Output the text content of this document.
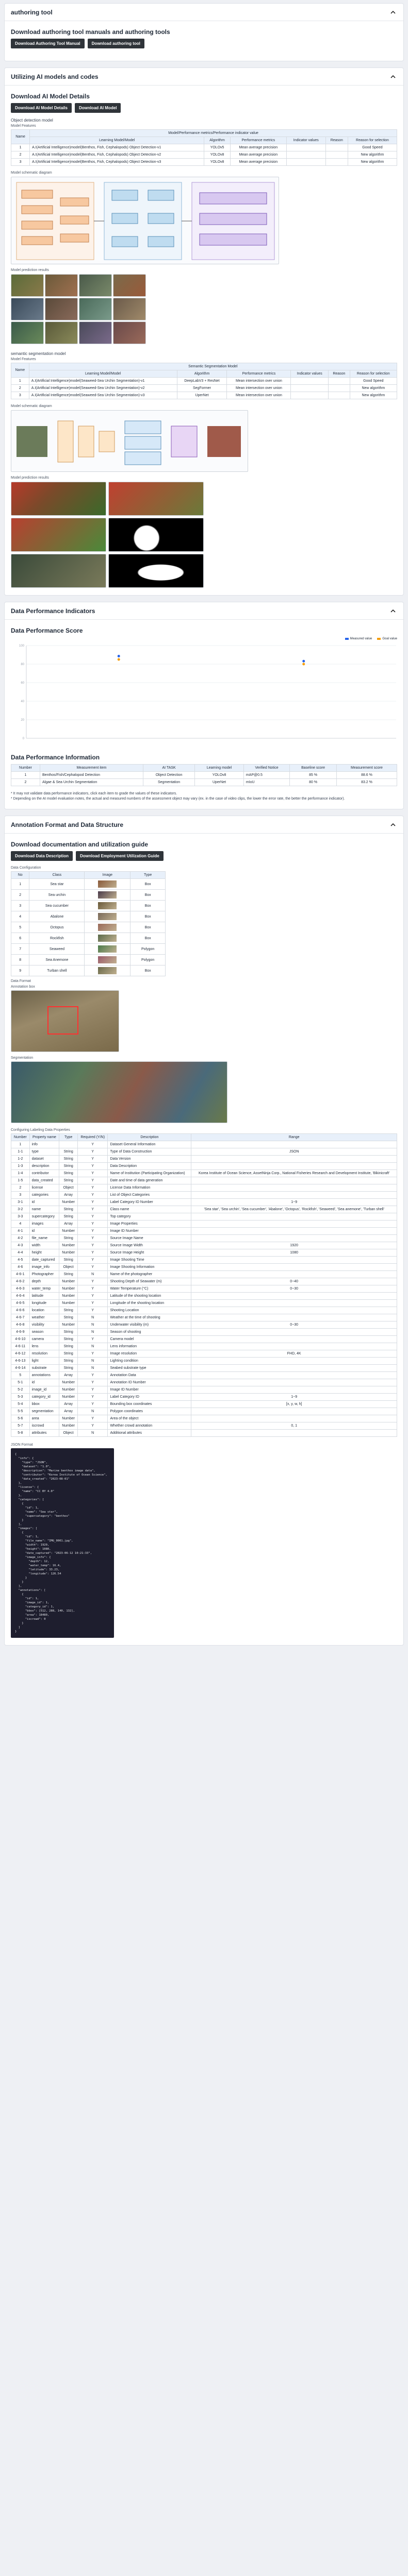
authoring tool
Download authoring tool manuals and authoring tools
Download Authoring Tool Manual	Download authoring tool
Utilizing AI models and codes
Download AI Model Details
Download AI Model Details	Download AI Model
Object detection model
Model Features
Name	Model/Performance metrics/Performance indicator value					
	Learning Model/Model	Algorithm	Performance metrics	Indicator values	Reason	Reason for selection
1	A.I(Artificial Intelligence)model(Benthos, Fish, Cephalopods) Object Detection-v1	YOLOv5	Mean average precision			Good Speed
2	A.I(Artificial Intelligence)model(Benthos, Fish, Cephalopods) Object Detection-v2	YOLOv8	Mean average precision			New algorithm
3	A.I(Artificial Intelligence)model(Benthos, Fish, Cephalopods) Object Detection-v3	YOLOv8	Mean average precision			New algorithm
Model schematic diagram
Model prediction results
semantic segmentation model
Model Features
Name	Semantic Segmentation Model					
	Learning Model/Model	Algorithm	Performance metrics	Indicator values	Reason	Reason for selection
1	A.I(Artificial Intelligence)model(Seaweed-Sea Urchin Segmentation)-v1	DeepLabV3 + ResNet	Mean intersection over union			Good Speed
2	A.I(Artificial Intelligence)model(Seaweed-Sea Urchin Segmentation)-v2	SegFormer	Mean intersection over union			New algorithm
3	A.I(Artificial Intelligence)model(Seaweed-Sea Urchin Segmentation)-v3	UperNet	Mean intersection over union			New algorithm
Model schematic diagram
Model prediction results
Data Performance Indicators
Data Performance Score
Measured value	Goal value
0
20
40
60
80
100
Data Performance Information
Number	Measurement item	AI TASK	Learning model	Verified Notice	Baseline score	Measurement score
1	Benthos/Fish/Cephalopod Detection	Object Detection	YOLOv8	mAP@0.5	85 %	88.6 %
2	Algae & Sea Urchin Segmentation	Segmentation	UperNet	mIoU	80 %	83.2 %

* It may not validate data performance indicators, click each item to grade the values of these indicators.

* Depending on the AI model evaluation notes, the actual and measured numbers of the assessment object may vary (ex. in the case of video clips, the lower the error rate, the better the performance indicator).

Annotation Format and Data Structure
Download documentation and utilization guide
Download Data Description	Download Employment Utilization Guide
Data Configuration
No	Class	Image	Type
1	Sea star		Box
2	Sea urchin		Box
3	Sea cucumber		Box
4	Abalone		Box
5	Octopus		Box
6	Rockfish		Box
7	Seaweed		Polygon
8	Sea Anemone		Polygon
9	Turban shell		Box
Data Format
Annotation box
Segmentation
Configuring Labeling Data Properties
Number	Property name	Type	Required (Y/N)	Description	Range
1	info		Y	Dataset General Information	
1-1	type	String	Y	Type of Data Construction	JSON
1-2	dataset	String	Y	Data Version	
1-3	description	String	Y	Data Description	
1-4	contributor	String	Y	Name of Institution (Participating Organization)	Korea Institute of Ocean Science, AssetNinja Corp., National Fisheries Research and Development Institute, 'Bikinicraft'
1-5	data_created	String	Y	Date and time of data generation	
2	license	Object	Y	License Data Information	
3	categories	Array	Y	List of Object Categories	
3-1	id	Number	Y	Label Category ID Number	1~9
3-2	name	String	Y	Class name	'Sea star', 'Sea urchin', 'Sea cucumber', 'Abalone', 'Octopus', 'Rockfish', 'Seaweed', 'Sea anemone', 'Turban shell'
3-3	supercategory	String	Y	Top category	
4	images	Array	Y	Image Properties	
4-1	id	Number	Y	Image ID Number	
4-2	file_name	String	Y	Source Image Name	
4-3	width	Number	Y	Source Image Width	1920
4-4	height	Number	Y	Source Image Height	1080
4-5	date_captured	String	Y	Image Shooting Time	
4-6	image_info	Object	Y	Image Shooting Information	
4-6-1	Photographer	String	N	Name of the photographer	
4-6-2	depth	Number	Y	Shooting Depth of Seawater (m)	0~40
4-6-3	water_temp	Number	Y	Water Temperature (°C)	0~30
4-6-4	latitude	Number	Y	Latitude of the shooting location	
4-6-5	longitude	Number	Y	Longitude of the shooting location	
4-6-6	location	String	Y	Shooting Location	
4-6-7	weather	String	N	Weather at the time of shooting	
4-6-8	visibility	Number	N	Underwater visibility (m)	0~30
4-6-9	season	String	N	Season of shooting	
4-6-10	camera	String	Y	Camera model	
4-6-11	lens	String	N	Lens information	
4-6-12	resolution	String	Y	Image resolution	FHD, 4K
4-6-13	light	String	N	Lighting condition	
4-6-14	substrate	String	N	Seabed substrate type	
5	annotations	Array	Y	Annotation Data	
5-1	id	Number	Y	Annotation ID Number	
5-2	image_id	Number	Y	Image ID Number	
5-3	category_id	Number	Y	Label Category ID	1~9
5-4	bbox	Array	Y	Bounding box coordinates	[x, y, w, h]
5-5	segmentation	Array	N	Polygon coordinates	
5-6	area	Number	Y	Area of the object	
5-7	iscrowd	Number	Y	Whether crowd annotation	0, 1
5-8	attributes	Object	N	Additional attributes	
JSON Format
{
"info": {
"type": "JSON",
"dataset": "1.0",
"description": "Marine benthos image data",
"contributor": "Korea Institute of Ocean Science",
"data_created": "2023-08-01"
},
"license": {
"name": "CC BY 4.0"
},
"categories": [
{
"id": 1,
"name": "Sea star",
"supercategory": "benthos"
}
],
"images": [
{
"id": 1,
"file_name": "IMG_0001.jpg",
"width": 1920,
"height": 1080,
"date_captured": "2023-06-12 10:21:33",
"image_info": {
"depth": 12,
"water_temp": 16.4,
"latitude": 33.23,
"longitude": 126.54
}
}
],
"annotations": [
{
"id": 1,
"image_id": 1,
"category_id": 1,
"bbox": [512, 288, 140, 132],
"area": 18480,
"iscrowd": 0
}
]
}
